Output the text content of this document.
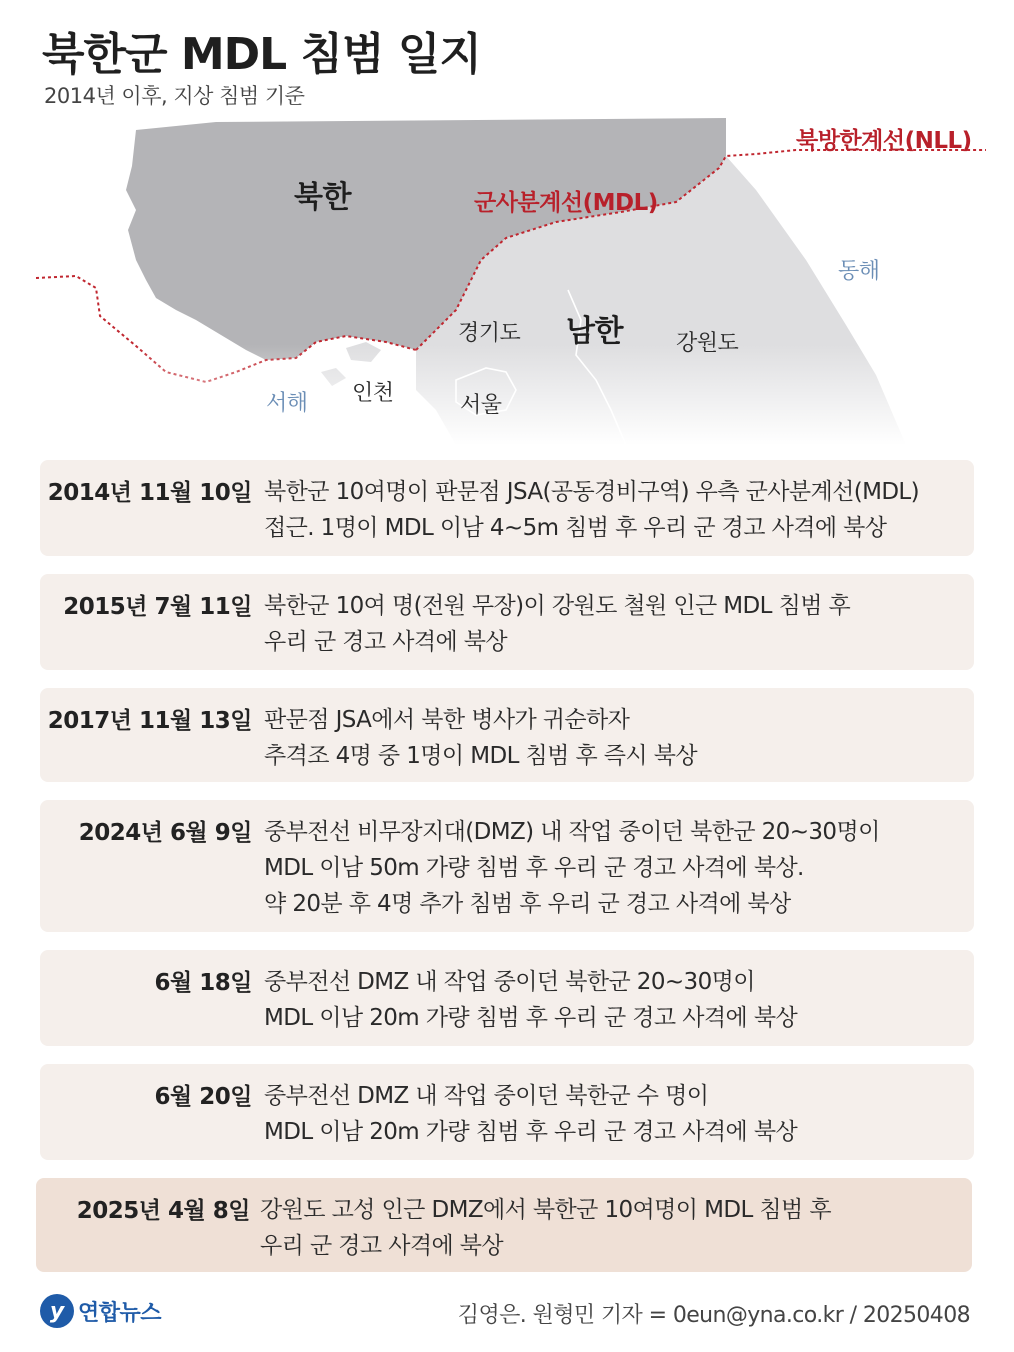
북한군 MDL 침범 일지
2014년 이후, 지상 침범 기준
북한	군사분계선(MDL)
북방한계선(NLL)
동해
경기도 남한 강원도
서해 인천	서울
2014년 11월 10일 북한군 10여명이 판문점 JSA(공동경비구역) 우측 군사분계선(MDL)
접근. 1명이 MDL 이남 4~5m 침범 후 우리 군 경고 사격에 북상
2015년 7월 11일 북한군 10여 명(전원 무장)이 강원도 철원 인근 MDL 침범 후
우리 군 경고 사격에 북상
2017년 11월 13일 판문점 JSA에서 북한 병사가 귀순하자
추격조 4명 중 1명이 MDL 침범 후 즉시 북상
2024년 6월 9일 중부전선 비무장지대(DMZ) 내 작업 중이던 북한군 20~30명이
MDL 이남 50m 가량 침범 후 우리 군 경고 사격에 북상.
약 20분 후 4명 추가 침범 후 우리 군 경고 사격에 북상
6월 18일 중부전선 DMZ 내 작업 중이던 북한군 20~30명이
MDL 이남 20m 가량 침범 후 우리 군 경고 사격에 북상
6월 20일 중부전선 DMZ 내 작업 중이던 북한군 수 명이
MDL 이남 20m 가량 침범 후 우리 군 경고 사격에 북상
2025년 4월 8일 강원도 고성 인근 DMZ에서 북한군 10여명이 MDL 침범 후
우리 군 경고 사격에 북상
y 연합뉴스	김영은. 원형민 기자 = 0eun@yna.co.kr / 20250408
